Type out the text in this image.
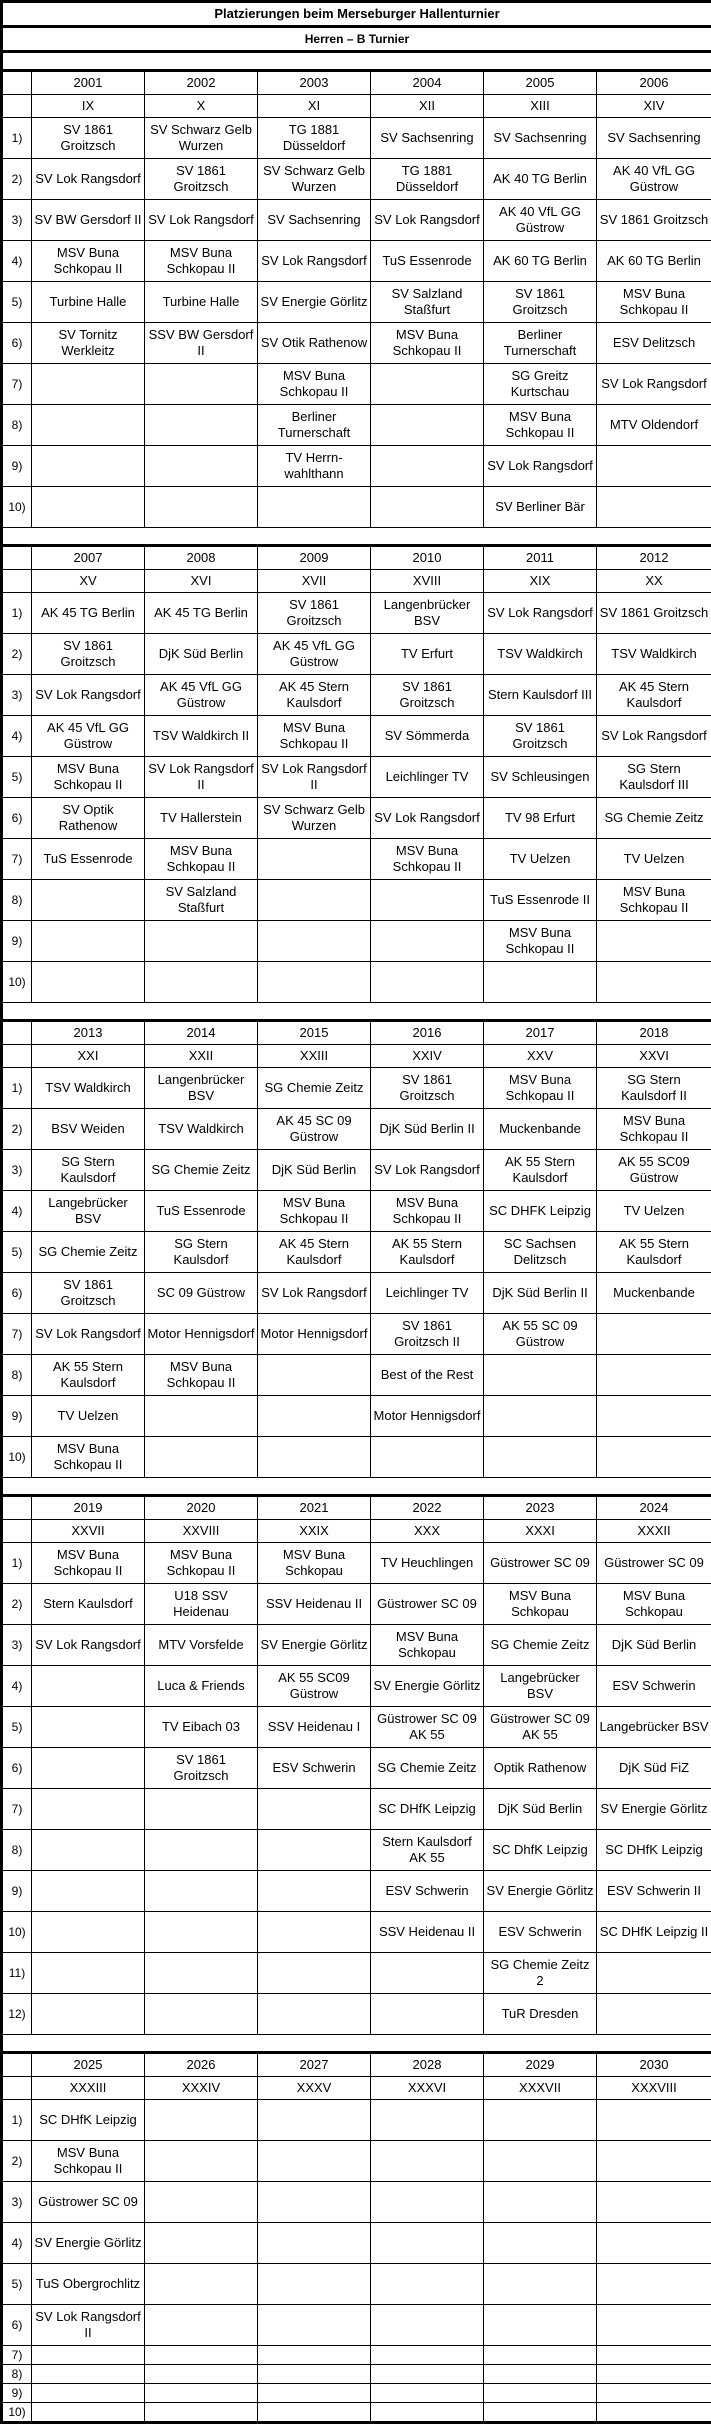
Platzierungen beim Merseburger Hallenturnier						
Herren – B Turnier						

	2001	2002	2003	2004	2005	2006
	IX	X	XI	XII	XIII	XIV
1)	SV 1861 Groitzsch	SV Schwarz Gelb Wurzen	TG 1881 Düsseldorf	SV Sachsenring	SV Sachsenring	SV Sachsenring
2)	SV Lok Rangsdorf	SV 1861 Groitzsch	SV Schwarz Gelb Wurzen	TG 1881 Düsseldorf	AK 40 TG Berlin	AK 40 VfL GG Güstrow
3)	SV BW Gersdorf II	SV Lok Rangsdorf	SV Sachsenring	SV Lok Rangsdorf	AK 40 VfL GG Güstrow	SV 1861 Groitzsch
4)	MSV Buna Schkopau II	MSV Buna Schkopau II	SV Lok Rangsdorf	TuS Essenrode	AK 60 TG Berlin	AK 60 TG Berlin
5)	Turbine Halle	Turbine Halle	SV Energie Görlitz	SV Salzland Staßfurt	SV 1861 Groitzsch	MSV Buna Schkopau II
6)	SV Tornitz Werkleitz	SSV BW Gersdorf II	SV Otik Rathenow	MSV Buna Schkopau II	Berliner Turnerschaft	ESV Delitzsch
7)			MSV Buna Schkopau II		SG Greitz Kurtschau	SV Lok Rangsdorf
8)			Berliner Turnerschaft		MSV Buna Schkopau II	MTV Oldendorf
9)			TV Herrn-wahlthann		SV Lok Rangsdorf	
10)					SV Berliner Bär	

	2007	2008	2009	2010	2011	2012
	XV	XVI	XVII	XVIII	XIX	XX
1)	AK 45 TG Berlin	AK 45 TG Berlin	SV 1861 Groitzsch	Langenbrücker BSV	SV Lok Rangsdorf	SV 1861 Groitzsch
2)	SV 1861 Groitzsch	DjK Süd Berlin	AK 45 VfL GG Güstrow	TV Erfurt	TSV Waldkirch	TSV Waldkirch
3)	SV Lok Rangsdorf	AK 45 VfL GG Güstrow	AK 45 Stern Kaulsdorf	SV 1861 Groitzsch	Stern Kaulsdorf III	AK 45 Stern Kaulsdorf
4)	AK 45 VfL GG Güstrow	TSV Waldkirch II	MSV Buna Schkopau II	SV Sömmerda	SV 1861 Groitzsch	SV Lok Rangsdorf
5)	MSV Buna Schkopau II	SV Lok Rangsdorf II	SV Lok Rangsdorf II	Leichlinger TV	SV Schleusingen	SG Stern Kaulsdorf III
6)	SV Optik Rathenow	TV Hallerstein	SV Schwarz Gelb Wurzen	SV Lok Rangsdorf	TV 98 Erfurt	SG Chemie Zeitz
7)	TuS Essenrode	MSV Buna Schkopau II		MSV Buna Schkopau II	TV Uelzen	TV Uelzen
8)		SV Salzland Staßfurt			TuS Essenrode II	MSV Buna Schkopau II
9)					MSV Buna Schkopau II	
10)						

	2013	2014	2015	2016	2017	2018
	XXI	XXII	XXIII	XXIV	XXV	XXVI
1)	TSV Waldkirch	Langenbrücker BSV	SG Chemie Zeitz	SV 1861 Groitzsch	MSV Buna Schkopau II	SG Stern Kaulsdorf II
2)	BSV Weiden	TSV Waldkirch	AK 45 SC 09 Güstrow	DjK Süd Berlin II	Muckenbande	MSV Buna Schkopau II
3)	SG Stern Kaulsdorf	SG Chemie Zeitz	DjK Süd Berlin	SV Lok Rangsdorf	AK 55 Stern Kaulsdorf	AK 55 SC09 Güstrow
4)	Langebrücker BSV	TuS Essenrode	MSV Buna Schkopau II	MSV Buna Schkopau II	SC DHFK Leipzig	TV Uelzen
5)	SG Chemie Zeitz	SG Stern Kaulsdorf	AK 45 Stern Kaulsdorf	AK 55 Stern Kaulsdorf	SC Sachsen Delitzsch	AK 55 Stern Kaulsdorf
6)	SV 1861 Groitzsch	SC 09 Güstrow	SV Lok Rangsdorf	Leichlinger TV	DjK Süd Berlin II	Muckenbande
7)	SV Lok Rangsdorf	Motor Hennigsdorf	Motor Hennigsdorf	SV 1861 Groitzsch II	AK 55 SC 09 Güstrow	
8)	AK 55 Stern Kaulsdorf	MSV Buna Schkopau II		Best of the Rest		
9)	TV Uelzen			Motor Hennigsdorf		
10)	MSV Buna Schkopau II					

	2019	2020	2021	2022	2023	2024
	XXVII	XXVIII	XXIX	XXX	XXXI	XXXII
1)	MSV Buna Schkopau II	MSV Buna Schkopau II	MSV Buna Schkopau	TV Heuchlingen	Güstrower SC 09	Güstrower SC 09
2)	Stern Kaulsdorf	U18 SSV Heidenau	SSV Heidenau II	Güstrower SC 09	MSV Buna Schkopau	MSV Buna Schkopau
3)	SV Lok Rangsdorf	MTV Vorsfelde	SV Energie Görlitz	MSV Buna Schkopau	SG Chemie Zeitz	DjK Süd Berlin
4)		Luca & Friends	AK 55 SC09 Güstrow	SV Energie Görlitz	Langebrücker BSV	ESV Schwerin
5)		TV Eibach 03	SSV Heidenau I	Güstrower SC 09 AK 55	Güstrower SC 09 AK 55	Langebrücker BSV
6)		SV 1861 Groitzsch	ESV Schwerin	SG Chemie Zeitz	Optik Rathenow	DjK Süd FiZ
7)				SC DHfK Leipzig	DjK Süd Berlin	SV Energie Görlitz
8)				Stern Kaulsdorf AK 55	SC DhfK Leipzig	SC DHfK Leipzig
9)				ESV Schwerin	SV Energie Görlitz	ESV Schwerin II
10)				SSV Heidenau II	ESV Schwerin	SC DHfK Leipzig II
11)					SG Chemie Zeitz 2	
12)					TuR Dresden	

	2025	2026	2027	2028	2029	2030
	XXXIII	XXXIV	XXXV	XXXVI	XXXVII	XXXVIII
1)	SC DHfK Leipzig					
2)	MSV Buna Schkopau II					
3)	Güstrower SC 09					
4)	SV Energie Görlitz					
5)	TuS Obergrochlitz					
6)	SV Lok Rangsdorf II					
7)						
8)						
9)						
10)						
